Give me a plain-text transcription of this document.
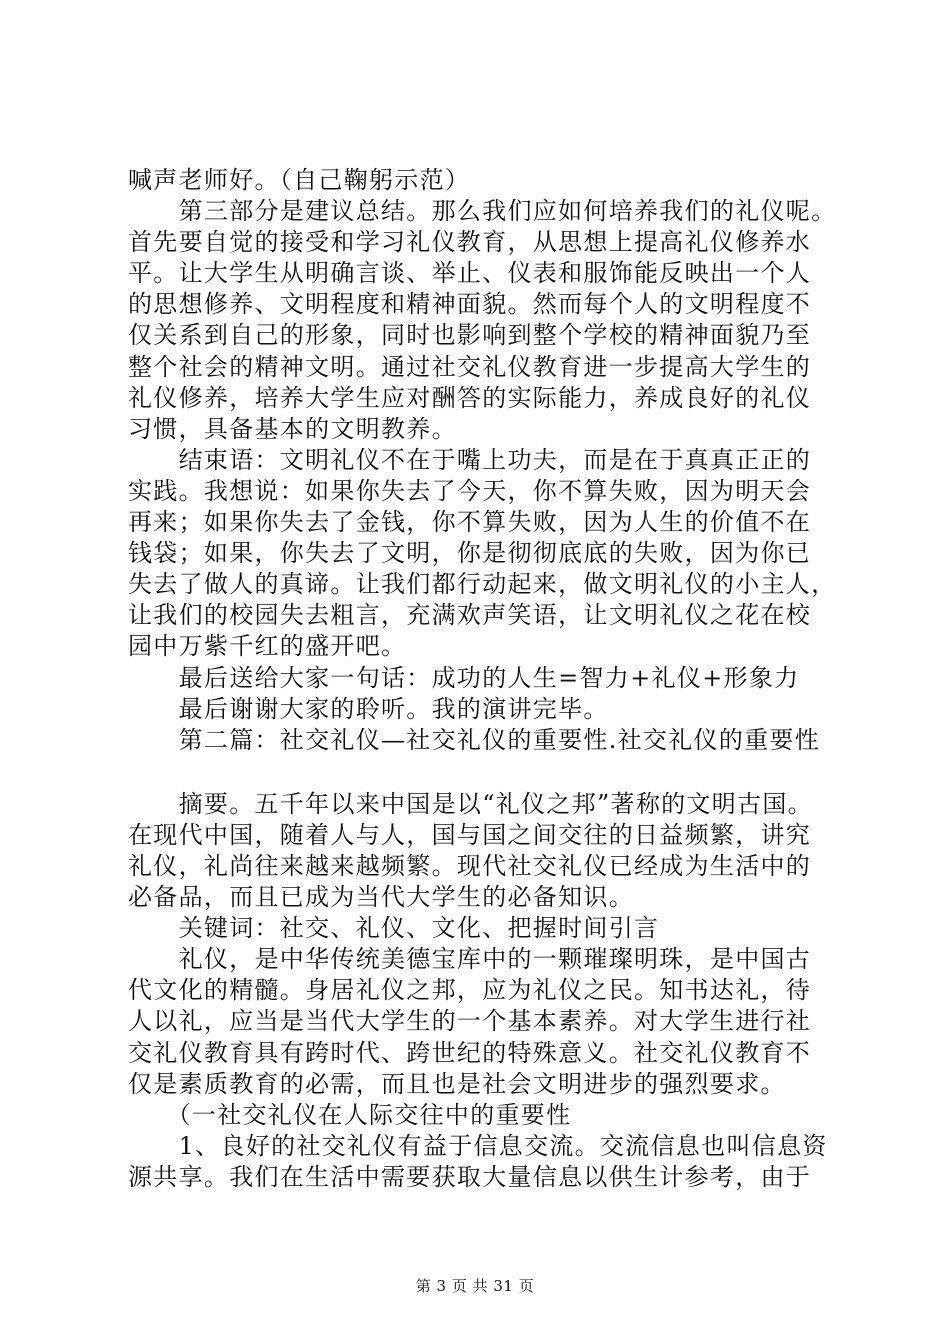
喊声老师好。（自己鞠躬示范）
　　第三部分是建议总结。那么我们应如何培养我们的礼仪呢。
首先要自觉的接受和学习礼仪教育，从思想上提高礼仪修养水
平。让大学生从明确言谈、举止、仪表和服饰能反映出一个人
的思想修养、文明程度和精神面貌。然而每个人的文明程度不
仅关系到自己的形象，同时也影响到整个学校的精神面貌乃至
整个社会的精神文明。通过社交礼仪教育进一步提高大学生的
礼仪修养，培养大学生应对酬答的实际能力，养成良好的礼仪
习惯，具备基本的文明教养。
　　结束语：文明礼仪不在于嘴上功夫，而是在于真真正正的
实践。我想说：如果你失去了今天，你不算失败，因为明天会
再来；如果你失去了金钱，你不算失败，因为人生的价值不在
钱袋；如果，你失去了文明，你是彻彻底底的失败，因为你已
失去了做人的真谛。让我们都行动起来，做文明礼仪的小主人，
让我们的校园失去粗言，充满欢声笑语，让文明礼仪之花在校
园中万紫千红的盛开吧。
　　最后送给大家一句话：成功的人生=智力+礼仪+形象力
　　最后谢谢大家的聆听。我的演讲完毕。
　　第二篇：社交礼仪—社交礼仪的重要性.社交礼仪的重要性
　　摘要。五千年以来中国是以“礼仪之邦”著称的文明古国。
在现代中国，随着人与人，国与国之间交往的日益频繁，讲究
礼仪，礼尚往来越来越频繁。现代社交礼仪已经成为生活中的
必备品，而且已成为当代大学生的必备知识。
　　关键词：社交、礼仪、文化、把握时间引言
　　礼仪，是中华传统美德宝库中的一颗璀璨明珠，是中国古
代文化的精髓。身居礼仪之邦，应为礼仪之民。知书达礼，待
人以礼，应当是当代大学生的一个基本素养。对大学生进行社
交礼仪教育具有跨时代、跨世纪的特殊意义。社交礼仪教育不
仅是素质教育的必需，而且也是社会文明进步的强烈要求。
　　（一社交礼仪在人际交往中的重要性
　　1、良好的社交礼仪有益于信息交流。交流信息也叫信息资
源共享。我们在生活中需要获取大量信息以供生计参考，由于
第 3 页 共 31 页
